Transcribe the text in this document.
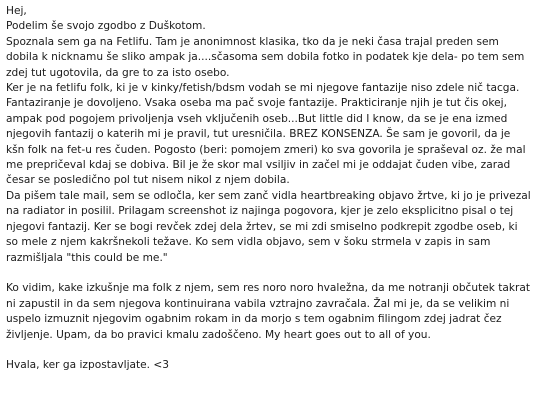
Hej,

Podelim še svojo zgodbo z Duškotom.

Spoznala sem ga na Fetlifu. Tam je anonimnost klasika, tko da je neki časa trajal preden sem dobila k nicknamu še sliko ampak ja....sčasoma sem dobila fotko in podatek kje dela- po tem sem zdej tut ugotovila, da gre to za isto osebo.

Ker je na fetlifu folk, ki je v kinky/fetish/bdsm vodah se mi njegove fantazije niso zdele nič tacga. Fantaziranje je dovoljeno. Vsaka oseba ma pač svoje fantazije. Prakticiranje njih je tut čis okej, ampak pod pogojem privoljenja vseh vključenih oseb...But little did I know, da se je ena izmed njegovih fantazij o katerih mi je pravil, tut uresničila. BREZ KONSENZA. Še sam je govoril, da je kšn folk na fet-u res čuden. Pogosto (beri: pomojem zmeri) ko sva govorila je spraševal oz. že mal me prepričeval kdaj se dobiva. Bil je že skor mal vsiljiv in začel mi je oddajat čuden vibe, zarad česar se posledično pol tut nisem nikol z njem dobila.

Da pišem tale mail, sem se odločla, ker sem zanč vidla heartbreaking objavo žrtve, ki jo je privezal na radiator in posilil. Prilagam screenshot iz najinga pogovora, kjer je zelo eksplicitno pisal o tej njegovi fantazij. Ker se bogi revček zdej dela žrtev, se mi zdi smiselno podkrepit zgodbe oseb, ki so mele z njem kakršnekoli težave. Ko sem vidla objavo, sem v šoku strmela v zapis in sam razmišljala "this could be me."

Ko vidim, kake izkušnje ma folk z njem, sem res noro noro hvaležna, da me notranji občutek takrat ni zapustil in da sem njegova kontinuirana vabila vztrajno zavračala. Žal mi je, da se velikim ni uspelo izmuznit njegovim ogabnim rokam in da morjo s tem ogabnim filingom zdej jadrat čez življenje. Upam, da bo pravici kmalu zadoščeno. My heart goes out to all of you.

Hvala, ker ga izpostavljate. <3
